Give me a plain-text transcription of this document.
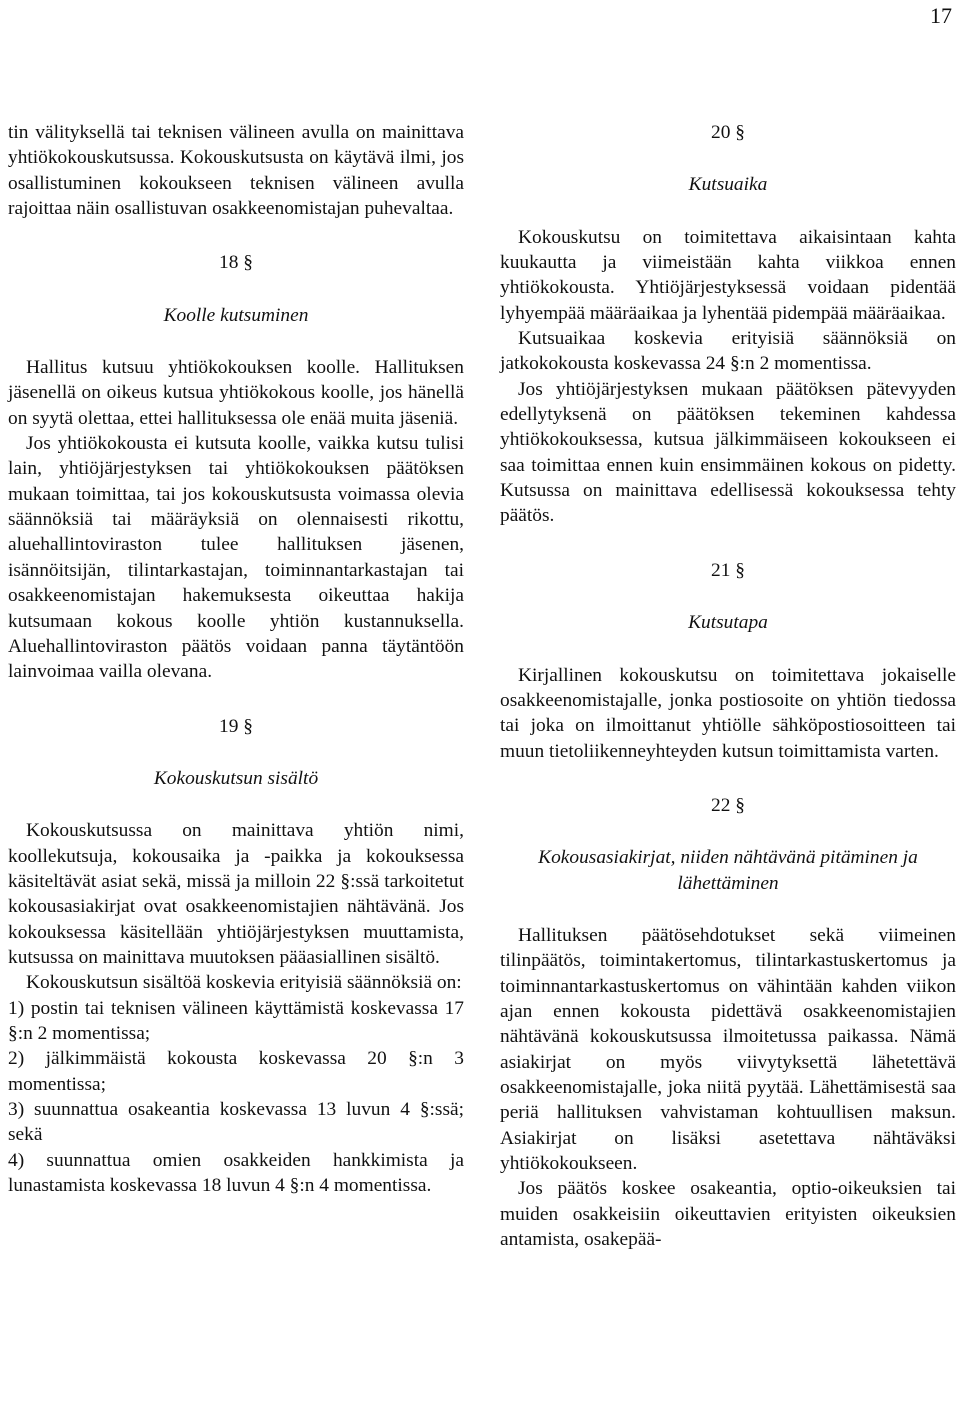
17

tin välityksellä tai teknisen välineen avulla on mainittava yhtiökokouskutsussa. Kokouskutsusta on käytävä ilmi, jos osallistuminen kokoukseen teknisen välineen avulla rajoittaa näin osallistuvan osakkeenomistajan puhevaltaa.

18 §
Koolle kutsuminen

Hallitus kutsuu yhtiökokouksen koolle. Hallituksen jäsenellä on oikeus kutsua yhtiökokous koolle, jos hänellä on syytä olettaa, ettei hallituksessa ole enää muita jäseniä.

Jos yhtiökokousta ei kutsuta koolle, vaikka kutsu tulisi lain, yhtiöjärjestyksen tai yhtiökokouksen päätöksen mukaan toimittaa, tai jos kokouskutsusta voimassa olevia säännöksiä tai määräyksiä on olennaisesti rikottu, aluehallintoviraston tulee hallituksen jäsenen, isännöitsijän, tilintarkastajan, toiminnantarkastajan tai osakkeenomistajan hakemuksesta oikeuttaa hakija kutsumaan kokous koolle yhtiön kustannuksella. Aluehallintoviraston päätös voidaan panna täytäntöön lainvoimaa vailla olevana.

19 §
Kokouskutsun sisältö

Kokouskutsussa on mainittava yhtiön nimi, koollekutsuja, kokousaika ja -paikka ja kokouksessa käsiteltävät asiat sekä, missä ja milloin 22 §:ssä tarkoitetut kokousasiakirjat ovat osakkeenomistajien nähtävänä. Jos kokouksessa käsitellään yhtiöjärjestyksen muuttamista, kutsussa on mainittava muutoksen pääasiallinen sisältö.

Kokouskutsun sisältöä koskevia erityisiä säännöksiä on:

1) postin tai teknisen välineen käyttämistä koskevassa 17 §:n 2 momentissa;

2) jälkimmäistä kokousta koskevassa 20 §:n 3 momentissa;

3) suunnattua osakeantia koskevassa 13 luvun 4 §:ssä; sekä

4) suunnattua omien osakkeiden hankkimista ja lunastamista koskevassa 18 luvun 4 §:n 4 momentissa.

20 §
Kutsuaika

Kokouskutsu on toimitettava aikaisintaan kahta kuukautta ja viimeistään kahta viikkoa ennen yhtiökokousta. Yhtiöjärjestyksessä voidaan pidentää lyhyempää määräaikaa ja lyhentää pidempää määräaikaa.

Kutsuaikaa koskevia erityisiä säännöksiä on jatkokokousta koskevassa 24 §:n 2 momentissa.

Jos yhtiöjärjestyksen mukaan päätöksen pätevyyden edellytyksenä on päätöksen tekeminen kahdessa yhtiökokouksessa, kutsua jälkimmäiseen kokoukseen ei saa toimittaa ennen kuin ensimmäinen kokous on pidetty. Kutsussa on mainittava edellisessä kokouksessa tehty päätös.

21 §
Kutsutapa

Kirjallinen kokouskutsu on toimitettava jokaiselle osakkeenomistajalle, jonka postiosoite on yhtiön tiedossa tai joka on ilmoittanut yhtiölle sähköpostiosoitteen tai muun tietoliikenneyhteyden kutsun toimittamista varten.

22 §
Kokousasiakirjat, niiden nähtävänä pitäminen ja lähettäminen

Hallituksen päätösehdotukset sekä viimeinen tilinpäätös, toimintakertomus, tilintarkastuskertomus ja toiminnantarkastuskertomus on vähintään kahden viikon ajan ennen kokousta pidettävä osakkeenomistajien nähtävänä kokouskutsussa ilmoitetussa paikassa. Nämä asiakirjat on myös viivytyksettä lähetettävä osakkeenomistajalle, joka niitä pyytää. Lähettämisestä saa periä hallituksen vahvistaman kohtuullisen maksun. Asiakirjat on lisäksi asetettava nähtäväksi yhtiökokoukseen.

Jos päätös koskee osakeantia, optio-oikeuksien tai muiden osakkeisiin oikeuttavien erityisten oikeuksien antamista, osakepää-
